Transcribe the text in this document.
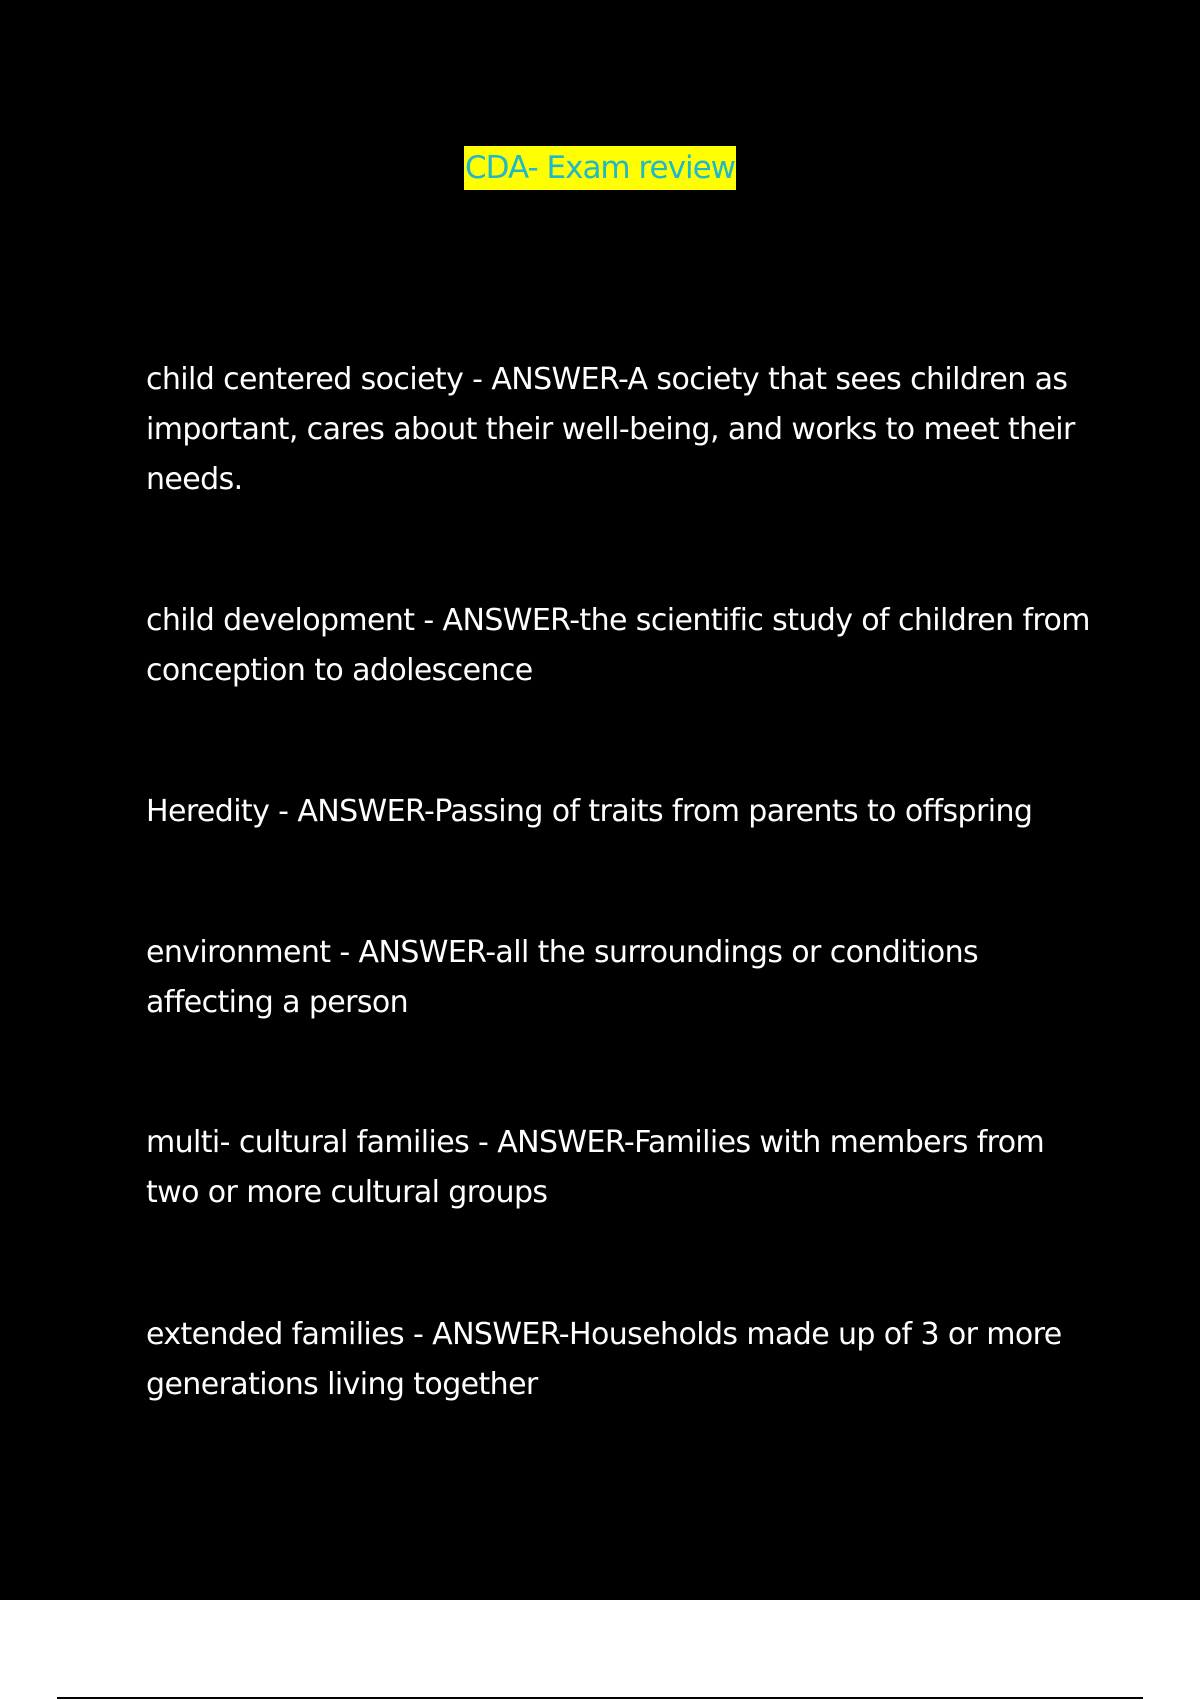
CDA- Exam review
child centered society - ANSWER-A society that sees children as
important, cares about their well-being, and works to meet their
needs.
child development - ANSWER-the scientific study of children from
conception to adolescence
Heredity - ANSWER-Passing of traits from parents to offspring
environment - ANSWER-all the surroundings or conditions
affecting a person
multi- cultural families - ANSWER-Families with members from
two or more cultural groups
extended families - ANSWER-Households made up of 3 or more
generations living together
